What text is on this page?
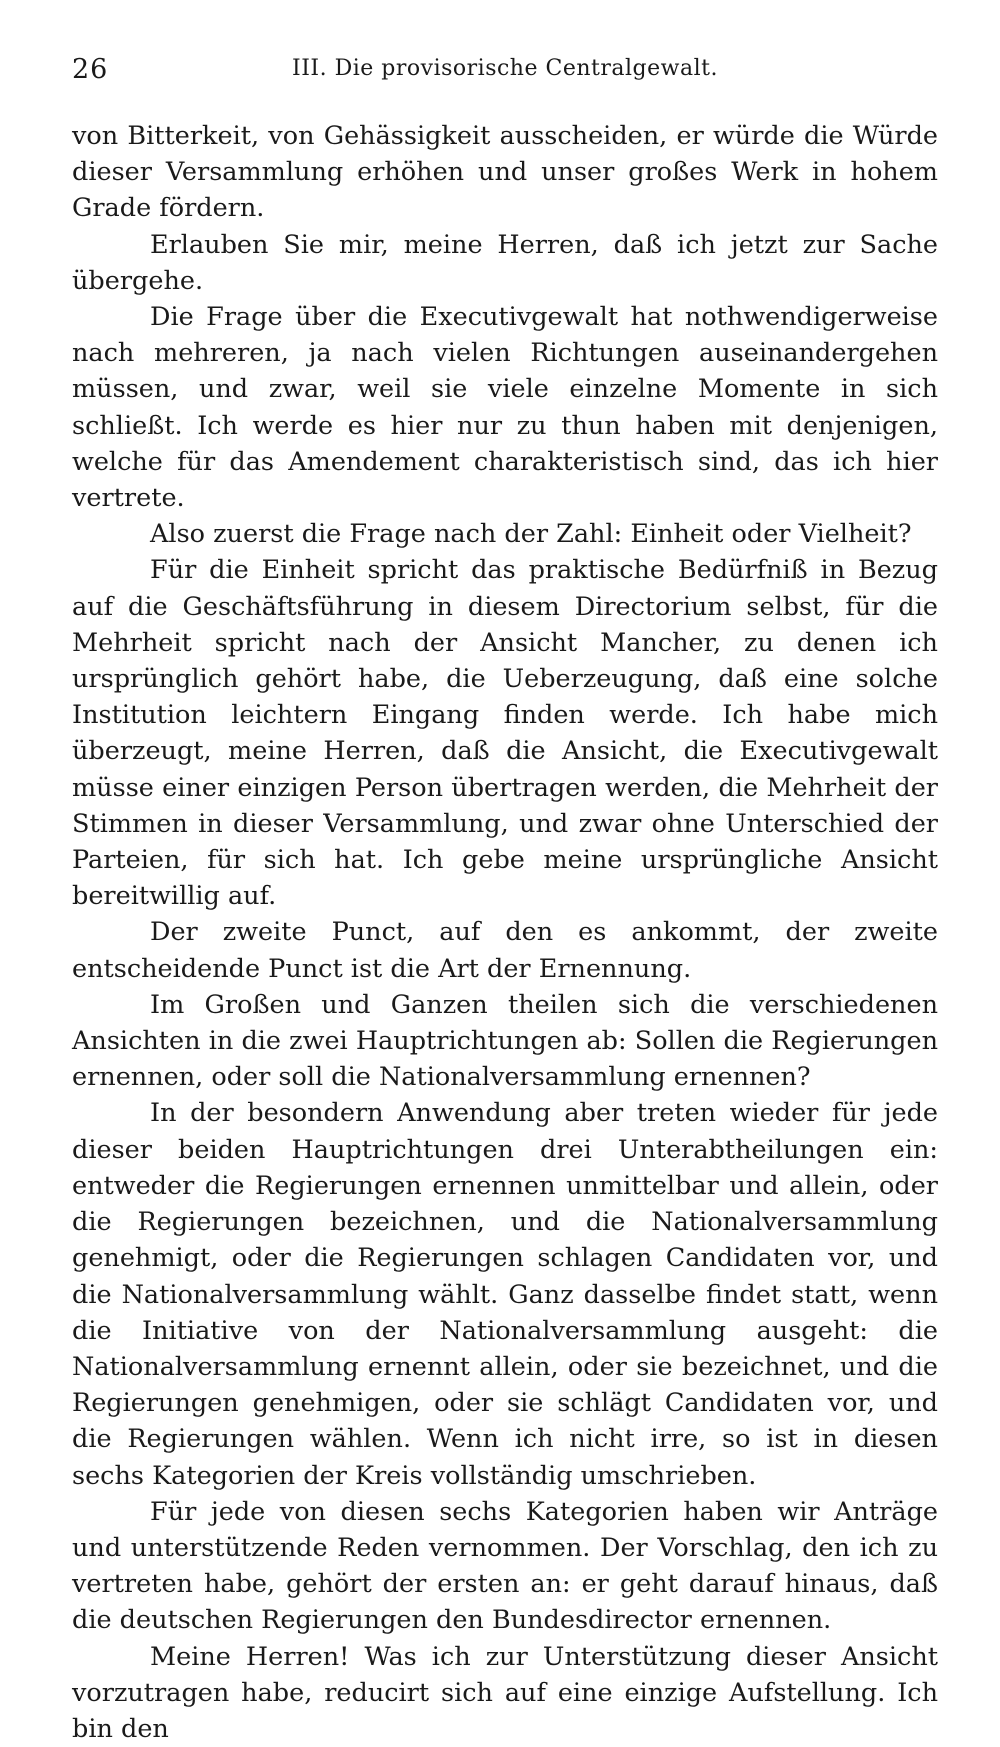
26	III. Die provisorische Centralgewalt.

von Bitterkeit, von Gehässigkeit ausscheiden, er würde die Würde dieser Versammlung erhöhen und unser großes Werk in hohem Grade fördern.

Erlauben Sie mir, meine Herren, daß ich jetzt zur Sache übergehe.

Die Frage über die Executivgewalt hat nothwendigerweise nach mehreren, ja nach vielen Richtungen auseinandergehen müssen, und zwar, weil sie viele einzelne Momente in sich schließt. Ich werde es hier nur zu thun haben mit denjenigen, welche für das Amendement charakteristisch sind, das ich hier vertrete.

Also zuerst die Frage nach der Zahl: Einheit oder Vielheit?

Für die Einheit spricht das praktische Bedürfniß in Bezug auf die Geschäftsführung in diesem Directorium selbst, für die Mehrheit spricht nach der Ansicht Mancher, zu denen ich ursprünglich gehört habe, die Ueberzeugung, daß eine solche Institution leichtern Eingang finden werde. Ich habe mich überzeugt, meine Herren, daß die Ansicht, die Executivgewalt müsse einer einzigen Person übertragen werden, die Mehrheit der Stimmen in dieser Versammlung, und zwar ohne Unterschied der Parteien, für sich hat. Ich gebe meine ursprüngliche Ansicht bereitwillig auf.

Der zweite Punct, auf den es ankommt, der zweite entscheidende Punct ist die Art der Ernennung.

Im Großen und Ganzen theilen sich die verschiedenen Ansichten in die zwei Hauptrichtungen ab: Sollen die Regierungen ernennen, oder soll die Nationalversammlung ernennen?

In der besondern Anwendung aber treten wieder für jede dieser beiden Hauptrichtungen drei Unterabtheilungen ein: entweder die Regierungen ernennen unmittelbar und allein, oder die Regierungen bezeichnen, und die Nationalversammlung genehmigt, oder die Regierungen schlagen Candidaten vor, und die Nationalversammlung wählt. Ganz dasselbe findet statt, wenn die Initiative von der Nationalversammlung ausgeht: die Nationalversammlung ernennt allein, oder sie bezeichnet, und die Regierungen genehmigen, oder sie schlägt Candidaten vor, und die Regierungen wählen. Wenn ich nicht irre, so ist in diesen sechs Kategorien der Kreis vollständig umschrieben.

Für jede von diesen sechs Kategorien haben wir Anträge und unterstützende Reden vernommen. Der Vorschlag, den ich zu vertreten habe, gehört der ersten an: er geht darauf hinaus, daß die deutschen Regierungen den Bundesdirector ernennen.

Meine Herren! Was ich zur Unterstützung dieser Ansicht vorzutragen habe, reducirt sich auf eine einzige Aufstellung. Ich bin den
